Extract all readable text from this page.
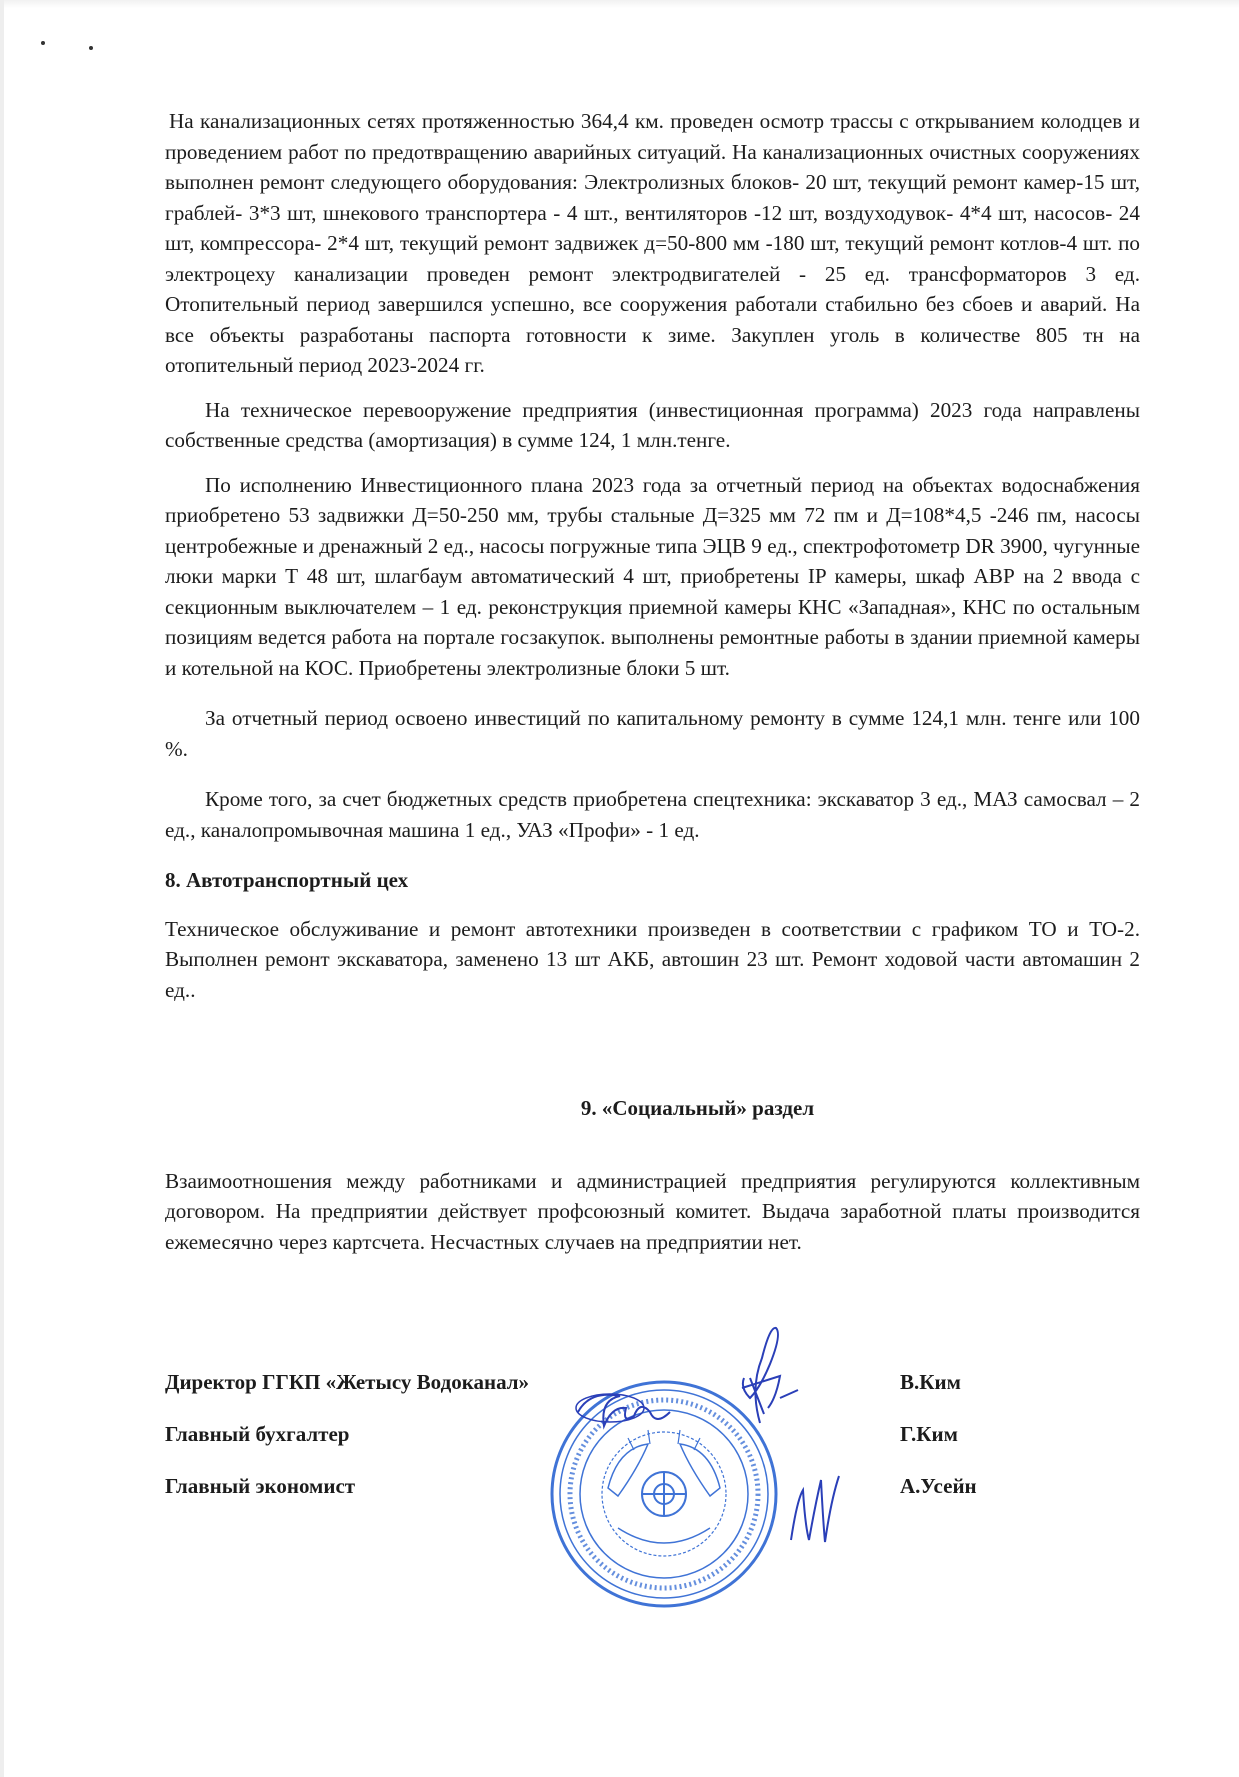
На канализационных сетях протяженностью 364,4 км. проведен осмотр трассы с открыванием колодцев и проведением работ по предотвращению аварийных ситуаций. На канализационных очистных сооружениях выполнен ремонт следующего оборудования: Электролизных блоков- 20 шт, текущий ремонт камер-15 шт, граблей- 3*3 шт, шнекового транспортера - 4 шт., вентиляторов -12 шт, воздуходувок- 4*4 шт, насосов- 24 шт, компрессора- 2*4 шт, текущий ремонт задвижек д=50-800 мм -180 шт, текущий ремонт котлов-4 шт. по электроцеху канализации проведен ремонт электродвигателей - 25 ед. трансформаторов 3 ед. Отопительный период завершился успешно, все сооружения работали стабильно без сбоев и аварий. На все объекты разработаны паспорта готовности к зиме. Закуплен уголь в количестве 805 тн на отопительный период 2023-2024 гг.

На техническое перевооружение предприятия (инвестиционная программа) 2023 года направлены собственные средства (амортизация) в сумме 124, 1 млн.тенге.

По исполнению Инвестиционного плана 2023 года за отчетный период на объектах водоснабжения приобретено 53 задвижки Д=50-250 мм, трубы стальные Д=325 мм 72 пм и Д=108*4,5 -246 пм, насосы центробежные и дренажный 2 ед., насосы погружные типа ЭЦВ 9 ед., спектрофотометр DR 3900, чугунные люки марки Т 48 шт, шлагбаум автоматический 4 шт, приобретены IP камеры, шкаф АВР на 2 ввода с секционным выключателем – 1 ед. реконструкция приемной камеры КНС «Западная», КНС по остальным позициям ведется работа на портале госзакупок. выполнены ремонтные работы в здании приемной камеры и котельной на КОС. Приобретены электролизные блоки 5 шт.

За отчетный период освоено инвестиций по капитальному ремонту в сумме 124,1 млн. тенге или 100 %.

Кроме того, за счет бюджетных средств приобретена спецтехника: экскаватор 3 ед., МАЗ самосвал – 2 ед., каналопромывочная машина 1 ед., УАЗ «Профи» - 1 ед.

8. Автотранспортный цех

Техническое обслуживание и ремонт автотехники произведен в соответствии с графиком ТО и ТО-2. Выполнен ремонт экскаватора, заменено 13 шт АКБ, автошин 23 шт. Ремонт ходовой части автомашин 2 ед..

9. «Социальный» раздел

Взаимоотношения между работниками и администрацией предприятия регулируются коллективным договором. На предприятии действует профсоюзный комитет. Выдача заработной платы производится ежемесячно через картсчета. Несчастных случаев на предприятии нет.

Директор ГГКП «Жетысу Водоканал»	В.Ким
Главный бухгалтер	Г.Ким
Главный экономист	А.Усейн
